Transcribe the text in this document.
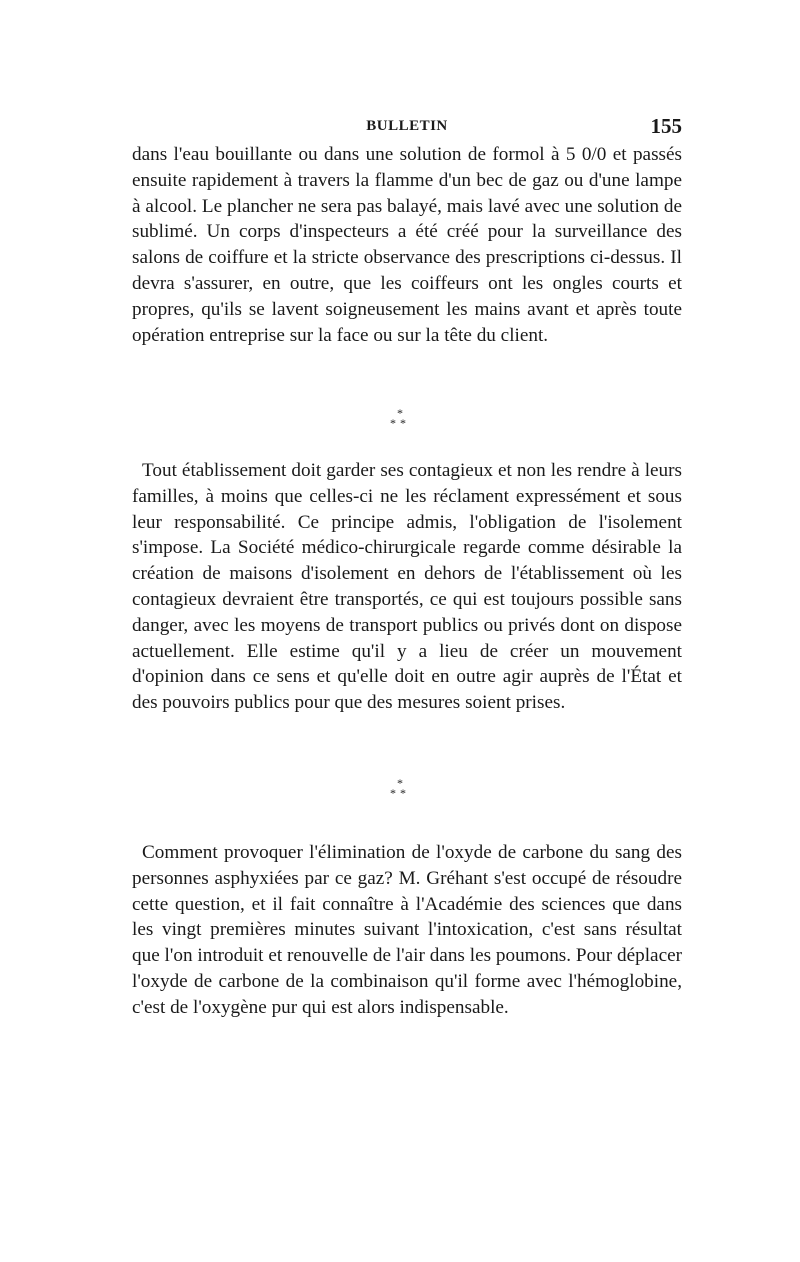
BULLETIN	155

dans l'eau bouillante ou dans une solution de formol à 5 0/0 et passés ensuite rapidement à travers la flamme d'un bec de gaz ou d'une lampe à alcool. Le plancher ne sera pas balayé, mais lavé avec une solution de sublimé. Un corps d'inspecteurs a été créé pour la surveillance des salons de coiffure et la stricte observance des prescriptions ci-dessus. Il devra s'assurer, en outre, que les coiffeurs ont les ongles courts et propres, qu'ils se lavent soigneusement les mains avant et après toute opération entreprise sur la face ou sur la tête du client.

*
**

Tout établissement doit garder ses contagieux et non les rendre à leurs familles, à moins que celles-ci ne les réclament expressément et sous leur responsabilité. Ce principe admis, l'obligation de l'isolement s'impose. La Société médico-chirurgicale regarde comme désirable la création de maisons d'isolement en dehors de l'établissement où les contagieux devraient être transportés, ce qui est toujours possible sans danger, avec les moyens de transport publics ou privés dont on dispose actuellement. Elle estime qu'il y a lieu de créer un mouvement d'opinion dans ce sens et qu'elle doit en outre agir auprès de l'État et des pouvoirs publics pour que des mesures soient prises.

*
**

Comment provoquer l'élimination de l'oxyde de carbone du sang des personnes asphyxiées par ce gaz? M. Gréhant s'est occupé de résoudre cette question, et il fait connaître à l'Académie des sciences que dans les vingt premières minutes suivant l'intoxication, c'est sans résultat que l'on introduit et renouvelle de l'air dans les poumons. Pour déplacer l'oxyde de carbone de la combinaison qu'il forme avec l'hémoglobine, c'est de l'oxygène pur qui est alors indispensable.
